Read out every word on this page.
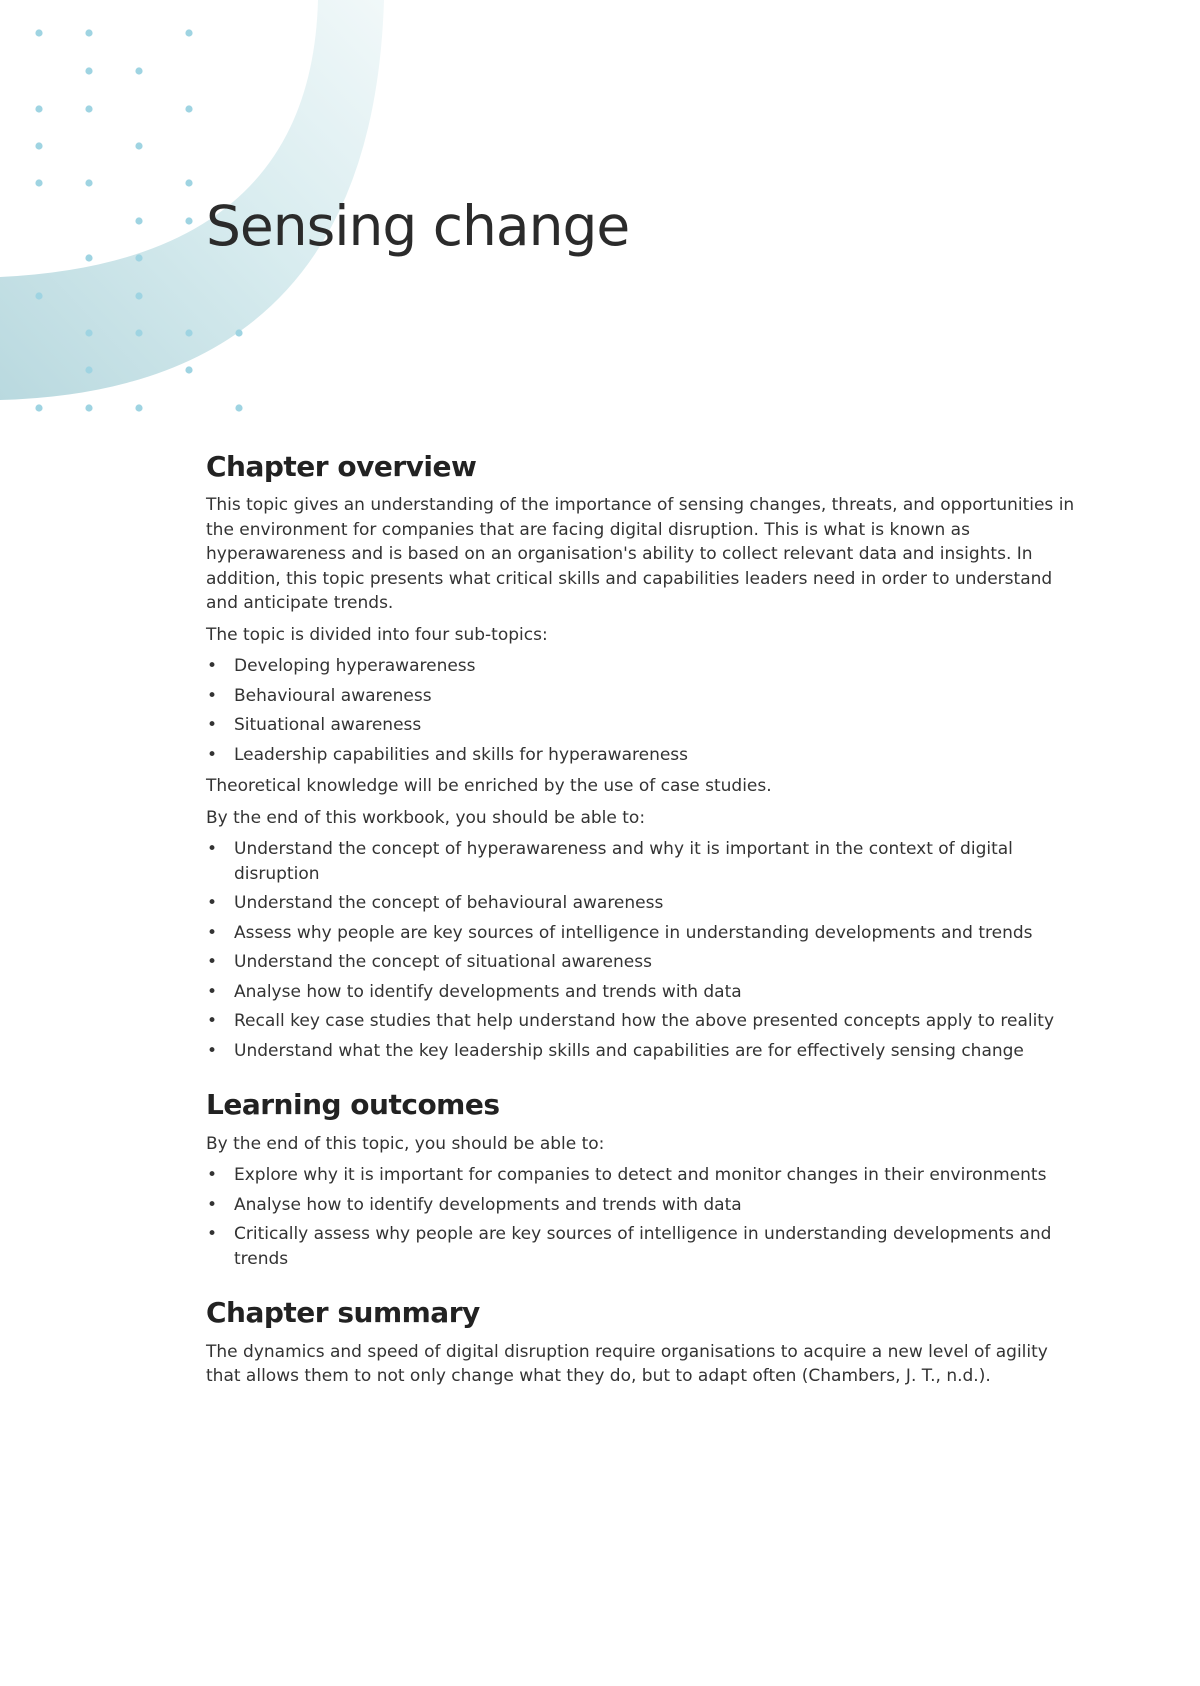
Sensing change
Chapter overview

This topic gives an understanding of the importance of sensing changes, threats, and opportunities in the environment for companies that are facing digital disruption. This is what is known as hyperawareness and is based on an organisation's ability to collect relevant data and insights. In addition, this topic presents what critical skills and capabilities leaders need in order to understand and anticipate trends.

The topic is divided into four sub-topics:

• Developing hyperawareness
• Behavioural awareness
• Situational awareness
• Leadership capabilities and skills for hyperawareness

Theoretical knowledge will be enriched by the use of case studies.

By the end of this workbook, you should be able to:

• Understand the concept of hyperawareness and why it is important in the context of digital disruption
• Understand the concept of behavioural awareness
• Assess why people are key sources of intelligence in understanding developments and trends
• Understand the concept of situational awareness
• Analyse how to identify developments and trends with data
• Recall key case studies that help understand how the above presented concepts apply to reality
• Understand what the key leadership skills and capabilities are for effectively sensing change
Learning outcomes

By the end of this topic, you should be able to:

• Explore why it is important for companies to detect and monitor changes in their environments
• Analyse how to identify developments and trends with data
• Critically assess why people are key sources of intelligence in understanding developments and trends
Chapter summary

The dynamics and speed of digital disruption require organisations to acquire a new level of agility that allows them to not only change what they do, but to adapt often (Chambers, J. T., n.d.).
